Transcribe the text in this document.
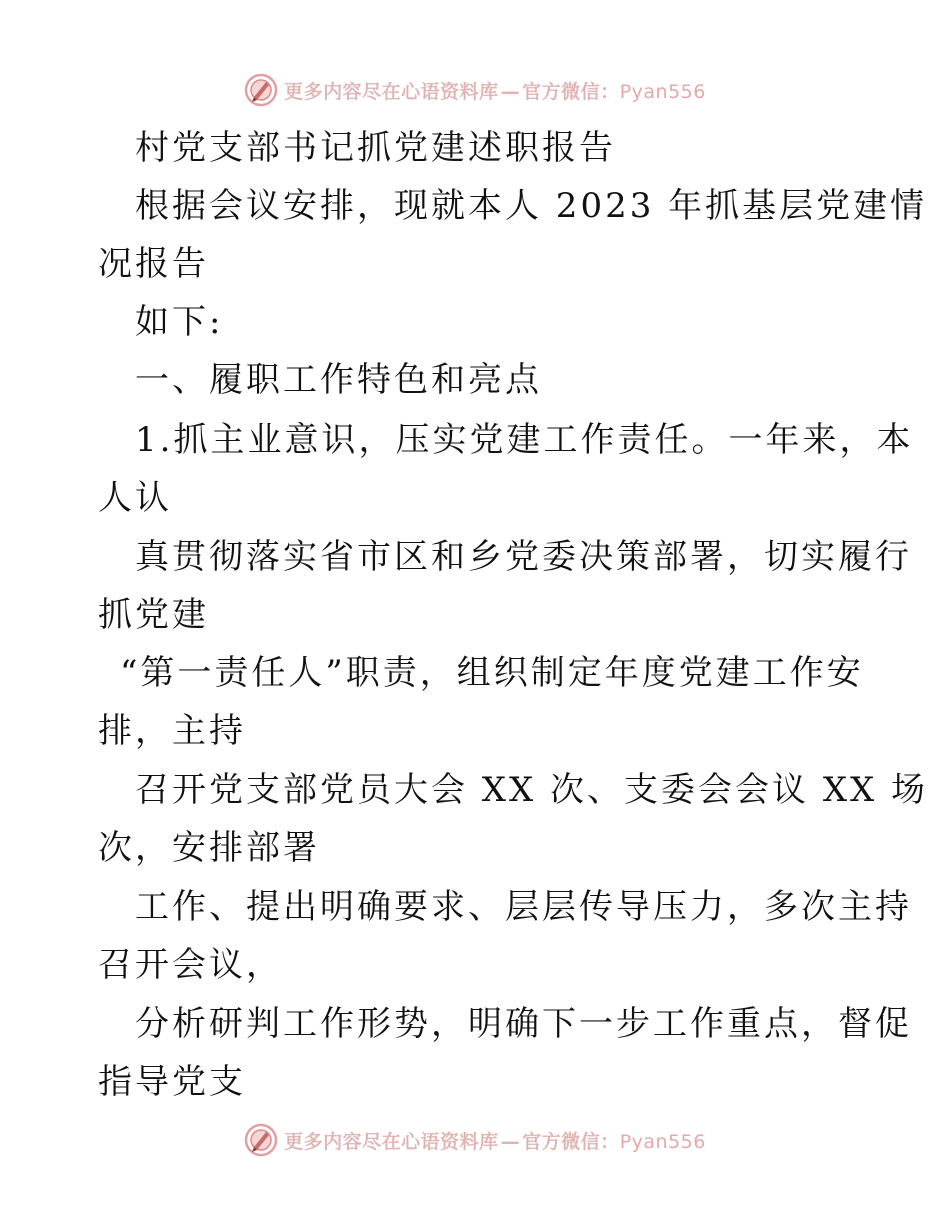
更多内容尽在心语资料库 — 官方微信：Pyan556
村党支部书记抓党建述职报告
根据会议安排，现就本人 2023 年抓基层党建情
况报告
如下:
一、履职工作特色和亮点
1.抓主业意识，压实党建工作责任。一年来，本
人认
真贯彻落实省市区和乡党委决策部署，切实履行
抓党建
“第一责任人”职责，组织制定年度党建工作安
排，主持
召开党支部党员大会 XX 次、支委会会议 XX 场
次，安排部署
工作、提出明确要求、层层传导压力，多次主持
召开会议，
分析研判工作形势，明确下一步工作重点，督促
指导党支
更多内容尽在心语资料库 — 官方微信：Pyan556
